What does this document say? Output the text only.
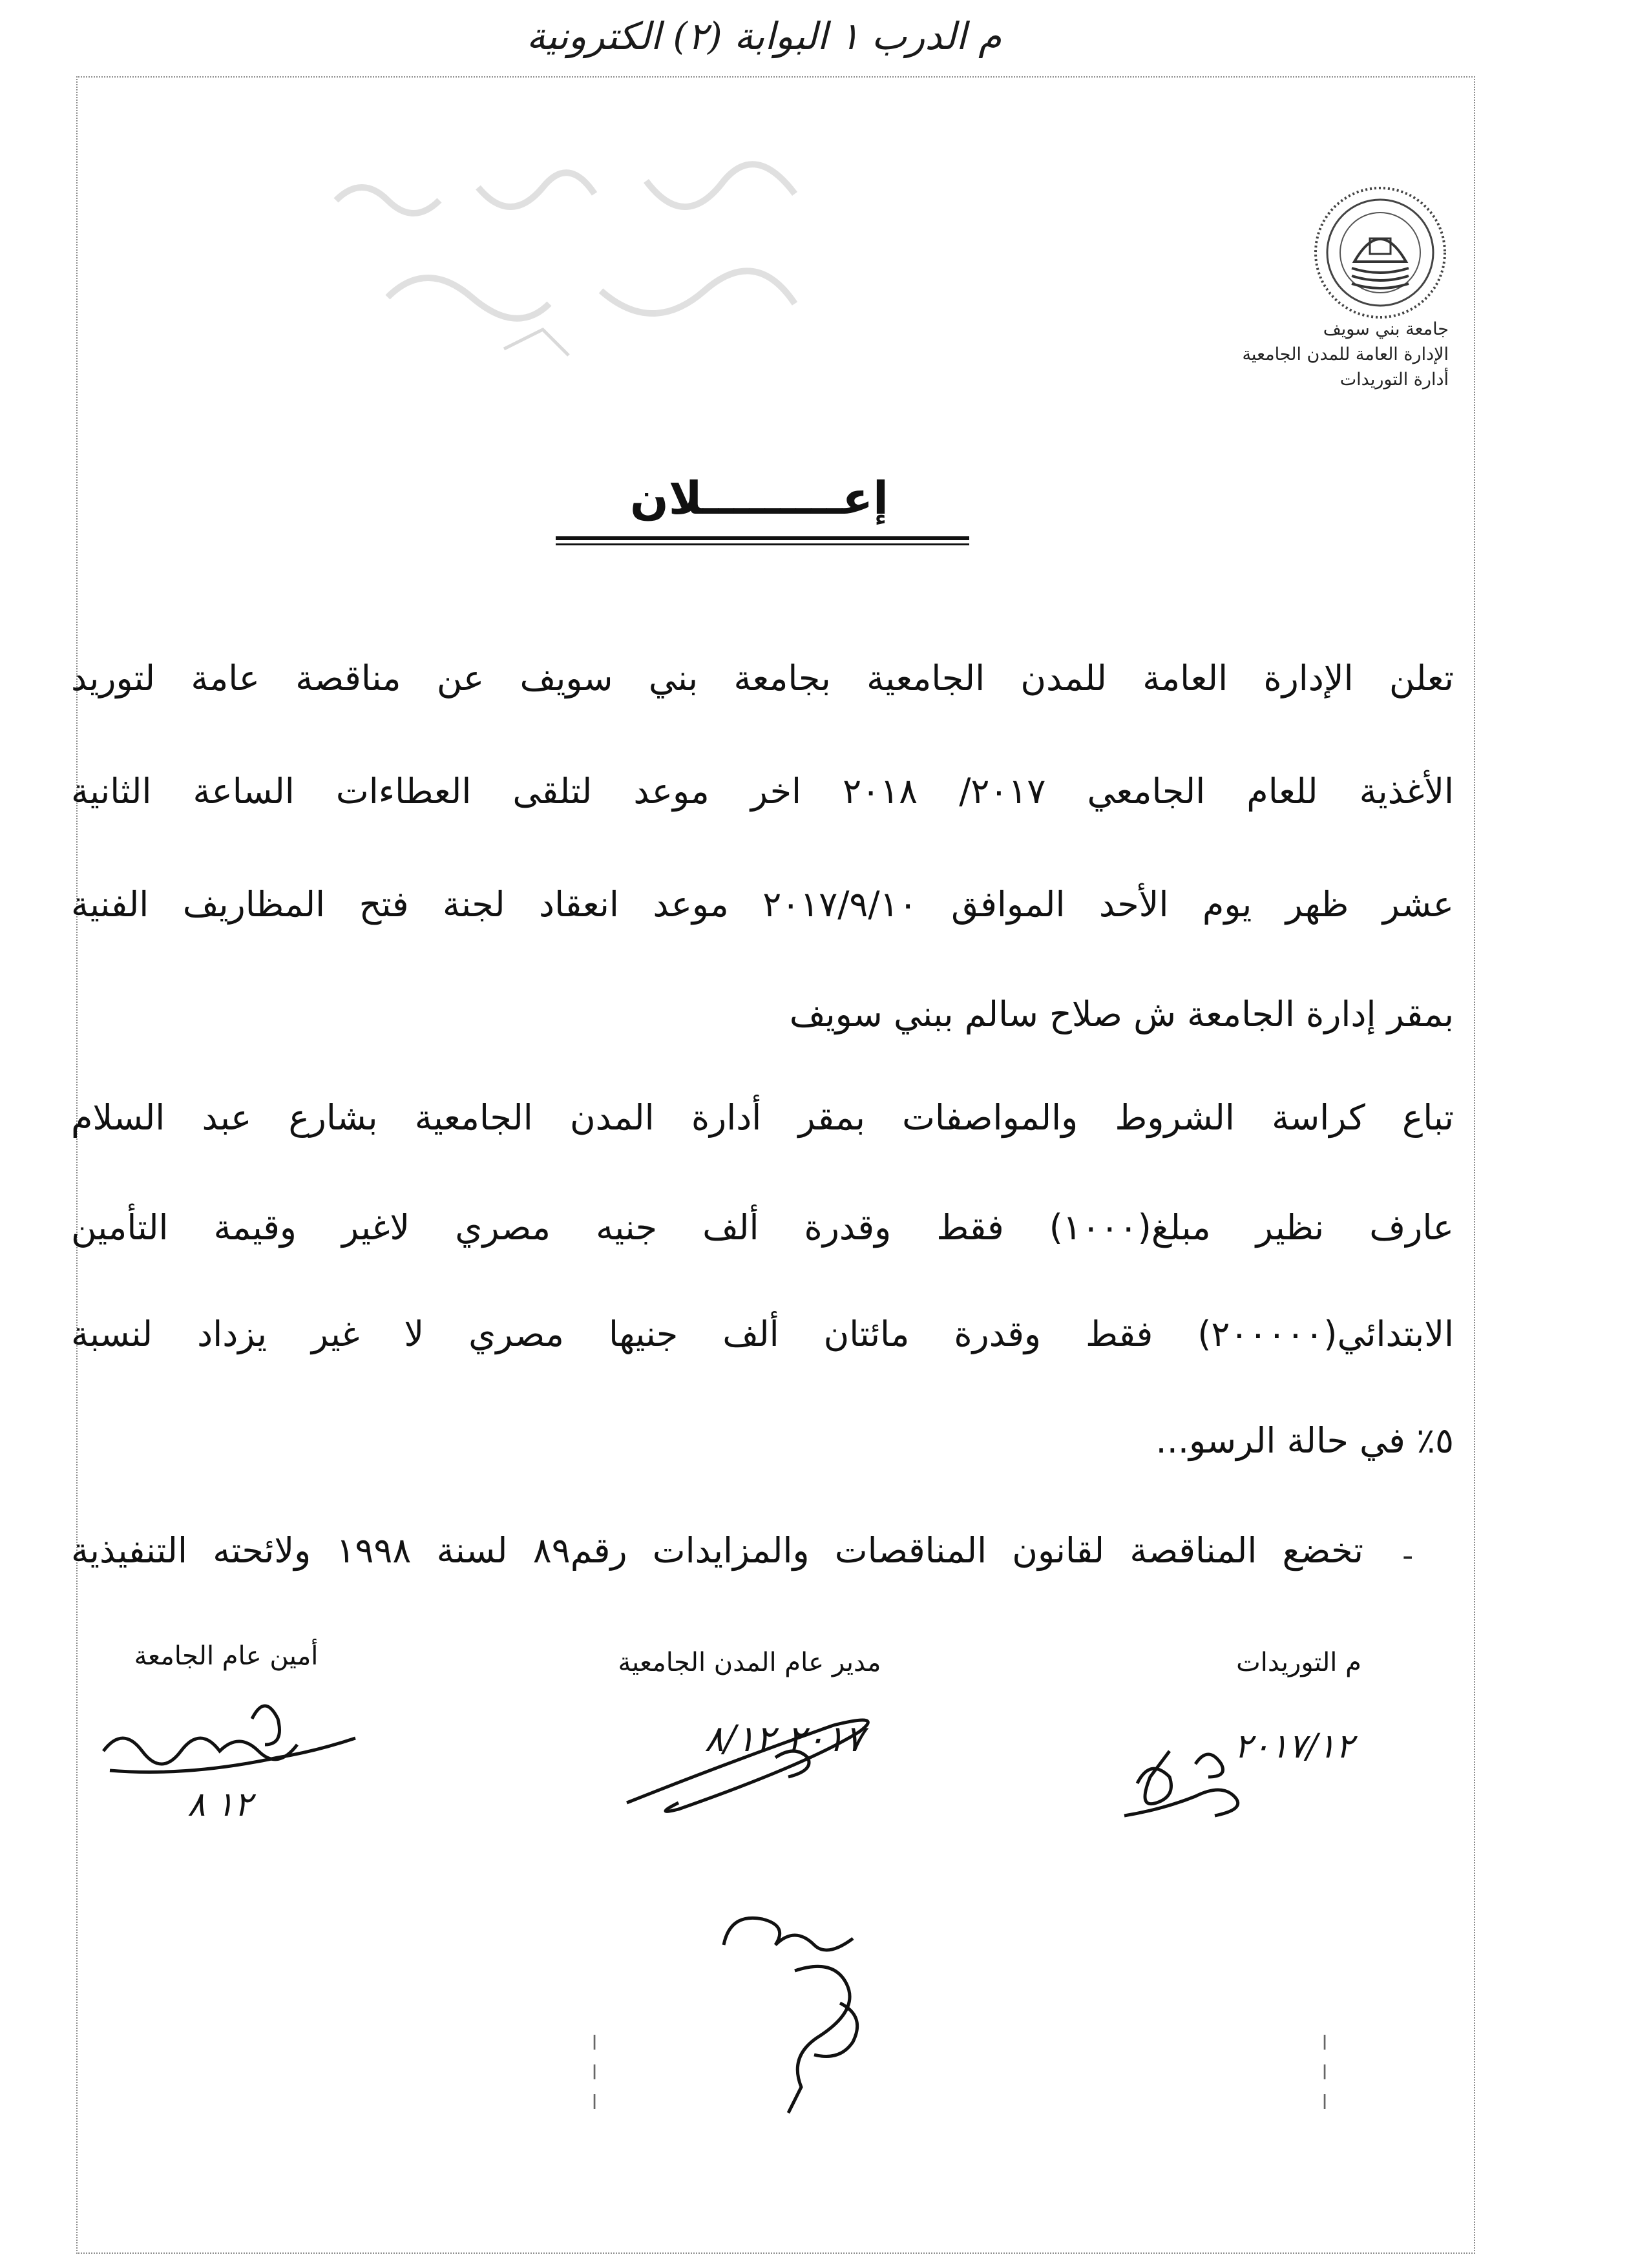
م الدرب ١ البوابة (٢) الكترونية
جامعة بني سويف
الإدارة العامة للمدن الجامعية
أدارة التوريدات
إعـــــــــلان
تعلن الإدارة العامة للمدن الجامعية بجامعة بني سويف عن مناقصة عامة لتوريد
الأغذية للعام الجامعي ٢٠١٧/ ٢٠١٨ اخر موعد لتلقى العطاءات الساعة الثانية
عشر ظهر يوم الأحد الموافق ٢٠١٧/٩/١٠ موعد انعقاد لجنة فتح المظاريف الفنية
بمقر إدارة الجامعة ش صلاح سالم ببني سويف
تباع كراسة الشروط والمواصفات بمقر أدارة المدن الجامعية بشارع عبد السلام
عارف نظير مبلغ(١٠٠٠) فقط وقدرة ألف جنيه مصري لاغير وقيمة التأمين
الابتدائي(٢٠٠٠٠٠) فقط وقدرة مائتان ألف جنيها مصري لا غير يزداد لنسبة
٥٪ في حالة الرسو...
-
تخضع المناقصة لقانون المناقصات والمزايدات رقم٨٩ لسنة ١٩٩٨ ولائحته التنفيذية
م التوريدات
مدير عام المدن الجامعية
أمين عام الجامعة
٢٠١٧/١٢
٢٠١٧ ٨/١٢
١٢ ٨
ا
ا
ا
ا
ا
ا
